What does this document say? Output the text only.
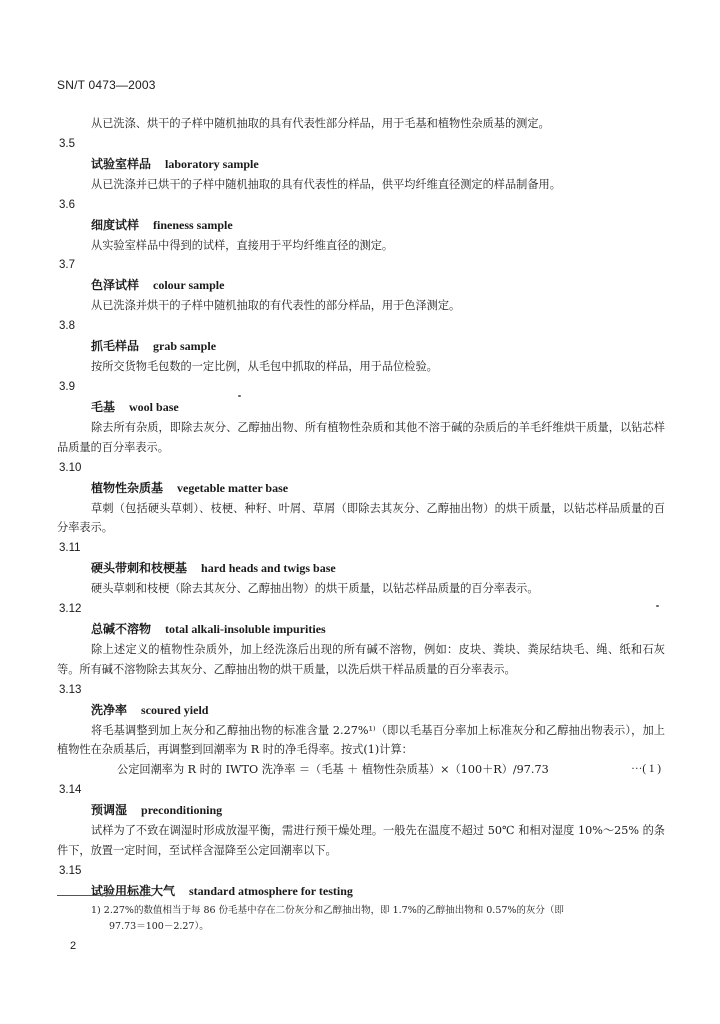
SN/T 0473—2003

从已洗涤、烘干的子样中随机抽取的具有代表性部分样品，用于毛基和植物性杂质基的测定。

3.5
试验室样品 laboratory sample

从已洗涤并已烘干的子样中随机抽取的具有代表性的样品，供平均纤维直径测定的样品制备用。

3.6
细度试样 fineness sample

从实验室样品中得到的试样，直接用于平均纤维直径的测定。

3.7
色泽试样 colour sample

从已洗涤并烘干的子样中随机抽取的有代表性的部分样品，用于色泽测定。

3.8
抓毛样品 grab sample

按所交货物毛包数的一定比例，从毛包中抓取的样品，用于品位检验。

3.9
毛基 wool base

除去所有杂质，即除去灰分、乙醇抽出物、所有植物性杂质和其他不溶于碱的杂质后的羊毛纤维烘干质量，以钻芯样品质量的百分率表示。

3.10
植物性杂质基 vegetable matter base

草刺（包括硬头草刺）、枝梗、种籽、叶屑、草屑（即除去其灰分、乙醇抽出物）的烘干质量，以钻芯样品质量的百分率表示。

3.11
硬头带刺和枝梗基 hard heads and twigs base

硬头草刺和枝梗（除去其灰分、乙醇抽出物）的烘干质量，以钻芯样品质量的百分率表示。

3.12
总碱不溶物 total alkali-insoluble impurities

除上述定义的植物性杂质外，加上经洗涤后出现的所有碱不溶物，例如：皮块、粪块、粪尿结块毛、绳、纸和石灰等。所有碱不溶物除去其灰分、乙醇抽出物的烘干质量，以洗后烘干样品质量的百分率表示。

3.13
洗净率 scoured yield

将毛基调整到加上灰分和乙醇抽出物的标准含量 2.27%¹⁾（即以毛基百分率加上标准灰分和乙醇抽出物表示），加上植物性在杂质基后，再调整到回潮率为 R 时的净毛得率。按式(1)计算：

公定回潮率为 R 时的 IWTO 洗净率 ＝（毛基 ＋ 植物性杂质基）×（100＋R）/97.73	···( 1 )
3.14
预调湿 preconditioning

试样为了不致在调湿时形成放湿平衡，需进行预干燥处理。一般先在温度不超过 50℃ 和相对湿度 10%～25% 的条件下，放置一定时间，至试样含湿降至公定回潮率以下。

3.15
试验用标准大气 standard atmosphere for testing
1) 2.27%的数值相当于每 86 份毛基中存在二份灰分和乙醇抽出物，即 1.7%的乙醇抽出物和 0.57%的灰分（即
97.73＝100－2.27）。
2
